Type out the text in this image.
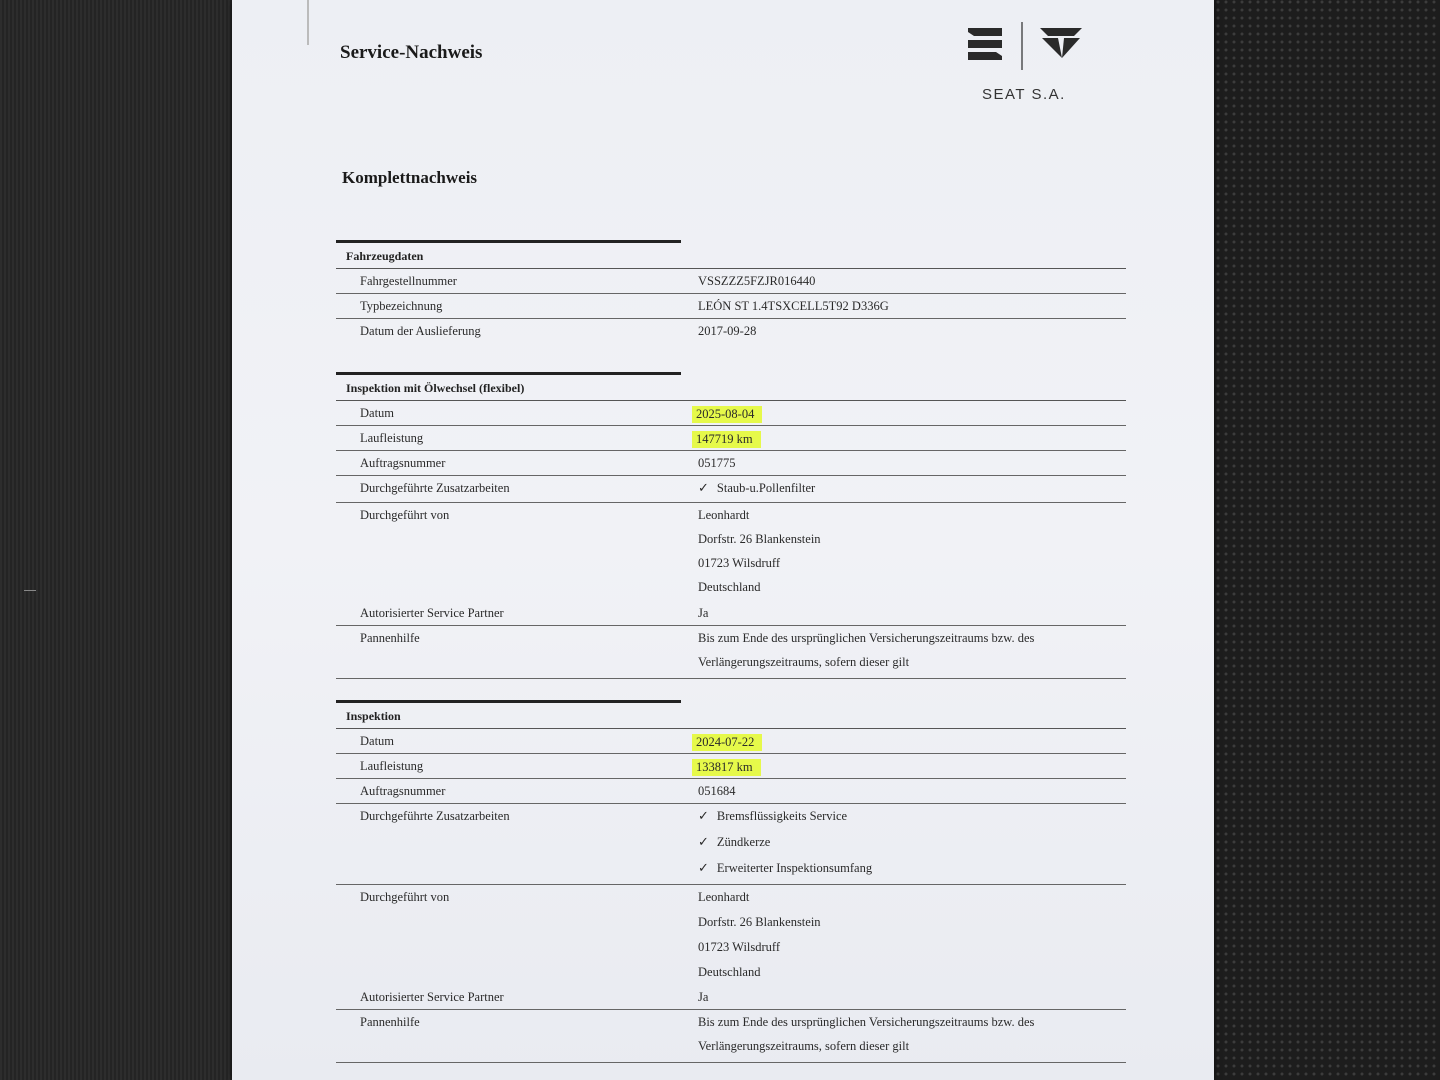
Service-Nachweis
SEAT S.A.
Komplettnachweis
Fahrzeugdaten
Fahrgestellnummer	VSSZZZ5FZJR016440
Typbezeichnung	LEÓN ST 1.4TSXCELL5T92 D336G
Datum der Auslieferung	2017-09-28
Inspektion mit Ölwechsel (flexibel)
Datum	2025-08-04
Laufleistung	147719 km
Auftragsnummer	051775
Durchgeführte Zusatzarbeiten	✓ Staub-u.Pollenfilter
Durchgeführt von	Leonhardt
Dorfstr. 26 Blankenstein
01723 Wilsdruff
Deutschland
Autorisierter Service Partner	Ja
Pannenhilfe	Bis zum Ende des ursprünglichen Versicherungszeitraums bzw. des
Verlängerungszeitraums, sofern dieser gilt
Inspektion
Datum	2024-07-22
Laufleistung	133817 km
Auftragsnummer	051684
Durchgeführte Zusatzarbeiten	✓ Bremsflüssigkeits Service
✓ Zündkerze
✓ Erweiterter Inspektionsumfang
Durchgeführt von	Leonhardt
Dorfstr. 26 Blankenstein
01723 Wilsdruff
Deutschland
Autorisierter Service Partner	Ja
Pannenhilfe	Bis zum Ende des ursprünglichen Versicherungszeitraums bzw. des
Verlängerungszeitraums, sofern dieser gilt
